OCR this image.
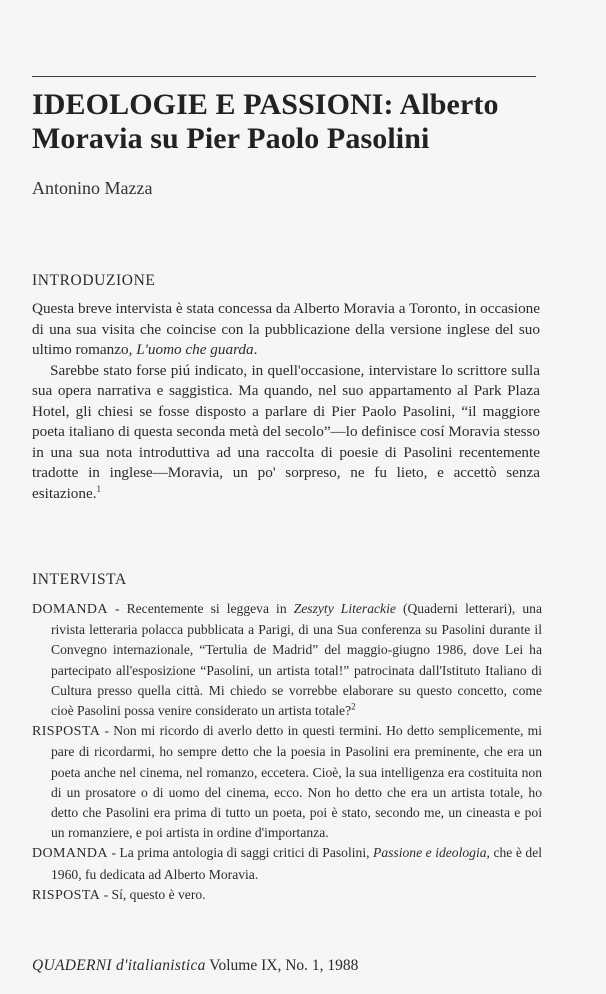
IDEOLOGIE E PASSIONI: Alberto Moravia su Pier Paolo Pasolini
Antonino Mazza
INTRODUZIONE

Questa breve intervista è stata concessa da Alberto Moravia a Toronto, in occasione di una sua visita che coincise con la pubblicazione della versione inglese del suo ultimo romanzo, L'uomo che guarda.

Sarebbe stato forse piú indicato, in quell'occasione, intervistare lo scrittore sulla sua opera narrativa e saggistica. Ma quando, nel suo appartamento al Park Plaza Hotel, gli chiesi se fosse disposto a parlare di Pier Paolo Pasolini, “il maggiore poeta italiano di questa seconda metà del secolo”—lo definisce cosí Moravia stesso in una sua nota introduttiva ad una raccolta di poesie di Pasolini recentemente tradotte in inglese—Moravia, un po' sorpreso, ne fu lieto, e accettò senza esitazione.$^1$

INTERVISTA

DOMANDA - Recentemente si leggeva in Zeszyty Literackie (Quaderni letterari), una rivista letteraria polacca pubblicata a Parigi, di una Sua conferenza su Pasolini durante il Convegno internazionale, “Tertulia de Madrid” del maggio-giugno 1986, dove Lei ha partecipato all'esposizione “Pasolini, un artista total!” patrocinata dall'Istituto Italiano di Cultura presso quella città. Mi chiedo se vorrebbe elaborare su questo concetto, come cioè Pasolini possa venire considerato un artista totale?$^2$

RISPOSTA - Non mi ricordo di averlo detto in questi termini. Ho detto semplicemente, mi pare di ricordarmi, ho sempre detto che la poesia in Pasolini era preminente, che era un poeta anche nel cinema, nel romanzo, eccetera. Cioè, la sua intelligenza era costituita non di un prosatore o di uomo del cinema, ecco. Non ho detto che era un artista totale, ho detto che Pasolini era prima di tutto un poeta, poi è stato, secondo me, un cineasta e poi un romanziere, e poi artista in ordine d'importanza.

DOMANDA - La prima antologia di saggi critici di Pasolini, Passione e ideologia, che è del 1960, fu dedicata ad Alberto Moravia.

RISPOSTA - Sí, questo è vero.

QUADERNI d'italianistica Volume IX, No. 1, 1988
